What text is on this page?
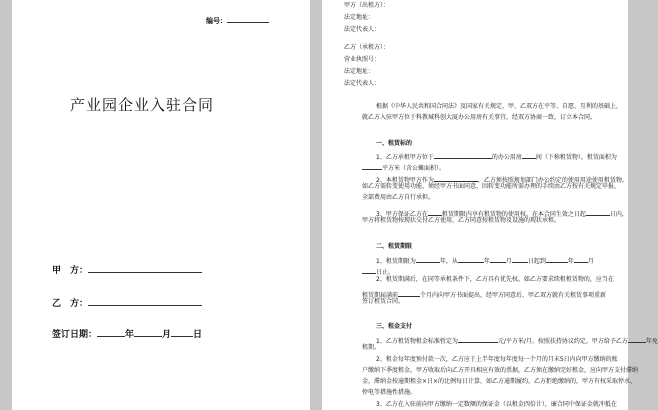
编号：
产业园企业入驻合同
甲　方：
乙　方：
签订日期：	年	月 日
甲方（出租方）：
法定地址：
法定代表人：
乙方（承租方）：
营业执照号：
法定地址：
法定代表人：
根据《中华人民共和国合同法》及国家有关规定，甲、乙双方在平等、自愿、互利的基础上，
就乙方入驻甲方位于科教城科创大厦办公用房有关事宜，经双方协商一致，订立本合同。
一、租赁标的
1、乙方承租甲方位于	的办公用房 间（下称租赁物），租赁面积为
平方米（含公摊面积）。
2、本租赁物甲方作为	，乙方须按照规划部门办公约定的使用用途使用租赁物。
如乙方需转变使用功能，须经甲方书面同意，因转变功能所需办理的手续由乙方按有关规定申报，
全部费用由乙方自行承担。
3、甲方保证乙方在 租赁期限内享有租赁物的使用权。在本合同生效之日起	日内，
甲方将租赁物按现状交付乙方使用，乙方同意按租赁物及设施的现状承租。
二、租赁期限
1、租赁期限为	年，从	年	月	日起到	年 月
日止。
2、租赁期满后，在同等承租条件下，乙方具有优先权。如乙方要求续租租赁物的，应当在
租赁期届满前	个月内向甲方书面提出，经甲方同意后，甲乙双方就有关租赁事项重新
签订租赁合同。
三、租金支付
1、乙方租赁物租金标准暂定为	元/平方米/月。按照扶持协议约定，甲方给予乙方	年免
租期。
2、租金每年度预付款一次，乙方应于上半年度每年度每一个月的月末5日内向甲方缴纳的账
户缴纳下季度租金，甲方收取后向乙方开具相应有效的票据，乙方须在缴纳完好租金，应向甲方支付滞纳
金，滞纳金按逾期租金×日×的比例每日计算，如乙方逾期履约，乙方拒绝缴纳的，甲方有权采取停水、
停电等措施性措施。
3、乙方在入驻前向甲方缴纳一定数额的保证金（以租金四倍计），廉合同中保证金就冲抵在
